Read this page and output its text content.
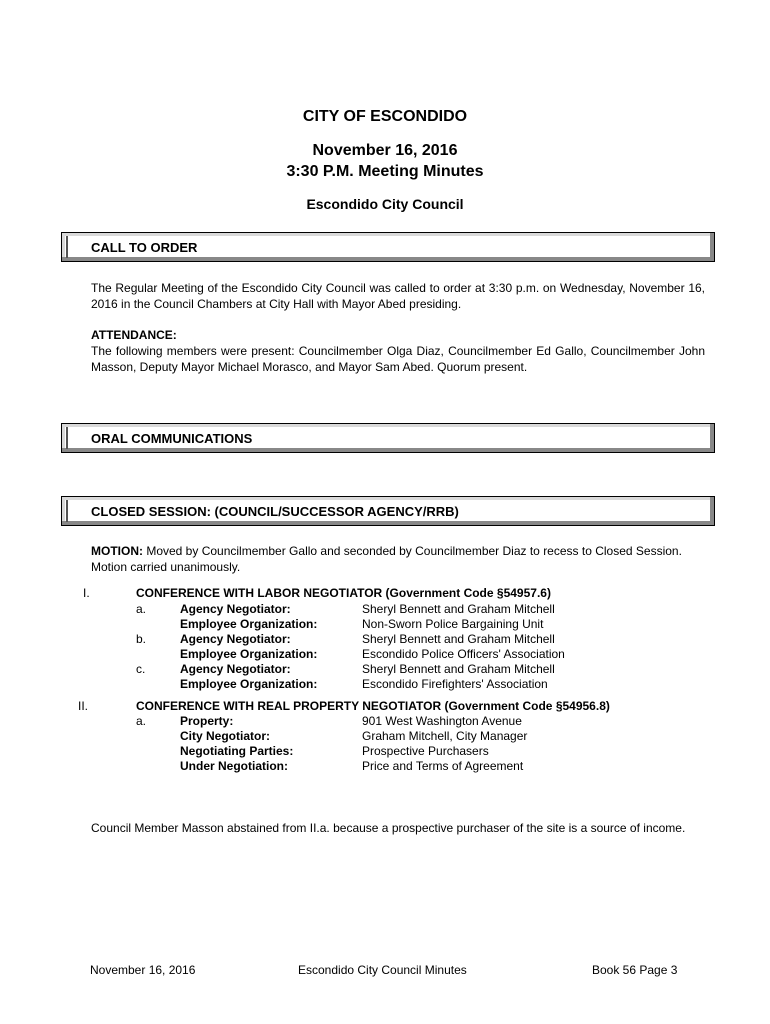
CITY OF ESCONDIDO
November 16, 2016
3:30 P.M. Meeting Minutes
Escondido City Council
CALL TO ORDER
The Regular Meeting of the Escondido City Council was called to order at 3:30 p.m. on Wednesday, November 16, 2016 in the Council Chambers at City Hall with Mayor Abed presiding.
ATTENDANCE:
The following members were present: Councilmember Olga Diaz, Councilmember Ed Gallo, Councilmember John Masson, Deputy Mayor Michael Morasco, and Mayor Sam Abed. Quorum present.
ORAL COMMUNICATIONS
CLOSED SESSION: (COUNCIL/SUCCESSOR AGENCY/RRB)
MOTION: Moved by Councilmember Gallo and seconded by Councilmember Diaz to recess to Closed Session. Motion carried unanimously.
I.	CONFERENCE WITH LABOR NEGOTIATOR (Government Code §54957.6)
a.	Agency Negotiator:	Sheryl Bennett and Graham Mitchell
Employee Organization:	Non-Sworn Police Bargaining Unit
b.	Agency Negotiator:	Sheryl Bennett and Graham Mitchell
Employee Organization:	Escondido Police Officers' Association
c.	Agency Negotiator:	Sheryl Bennett and Graham Mitchell
Employee Organization:	Escondido Firefighters' Association
II.	CONFERENCE WITH REAL PROPERTY NEGOTIATOR (Government Code §54956.8)
a.	Property:	901 West Washington Avenue
City Negotiator:	Graham Mitchell, City Manager
Negotiating Parties:	Prospective Purchasers
Under Negotiation:	Price and Terms of Agreement
Council Member Masson abstained from II.a. because a prospective purchaser of the site is a source of income.
November 16, 2016	Escondido City Council Minutes	Book 56 Page 3
